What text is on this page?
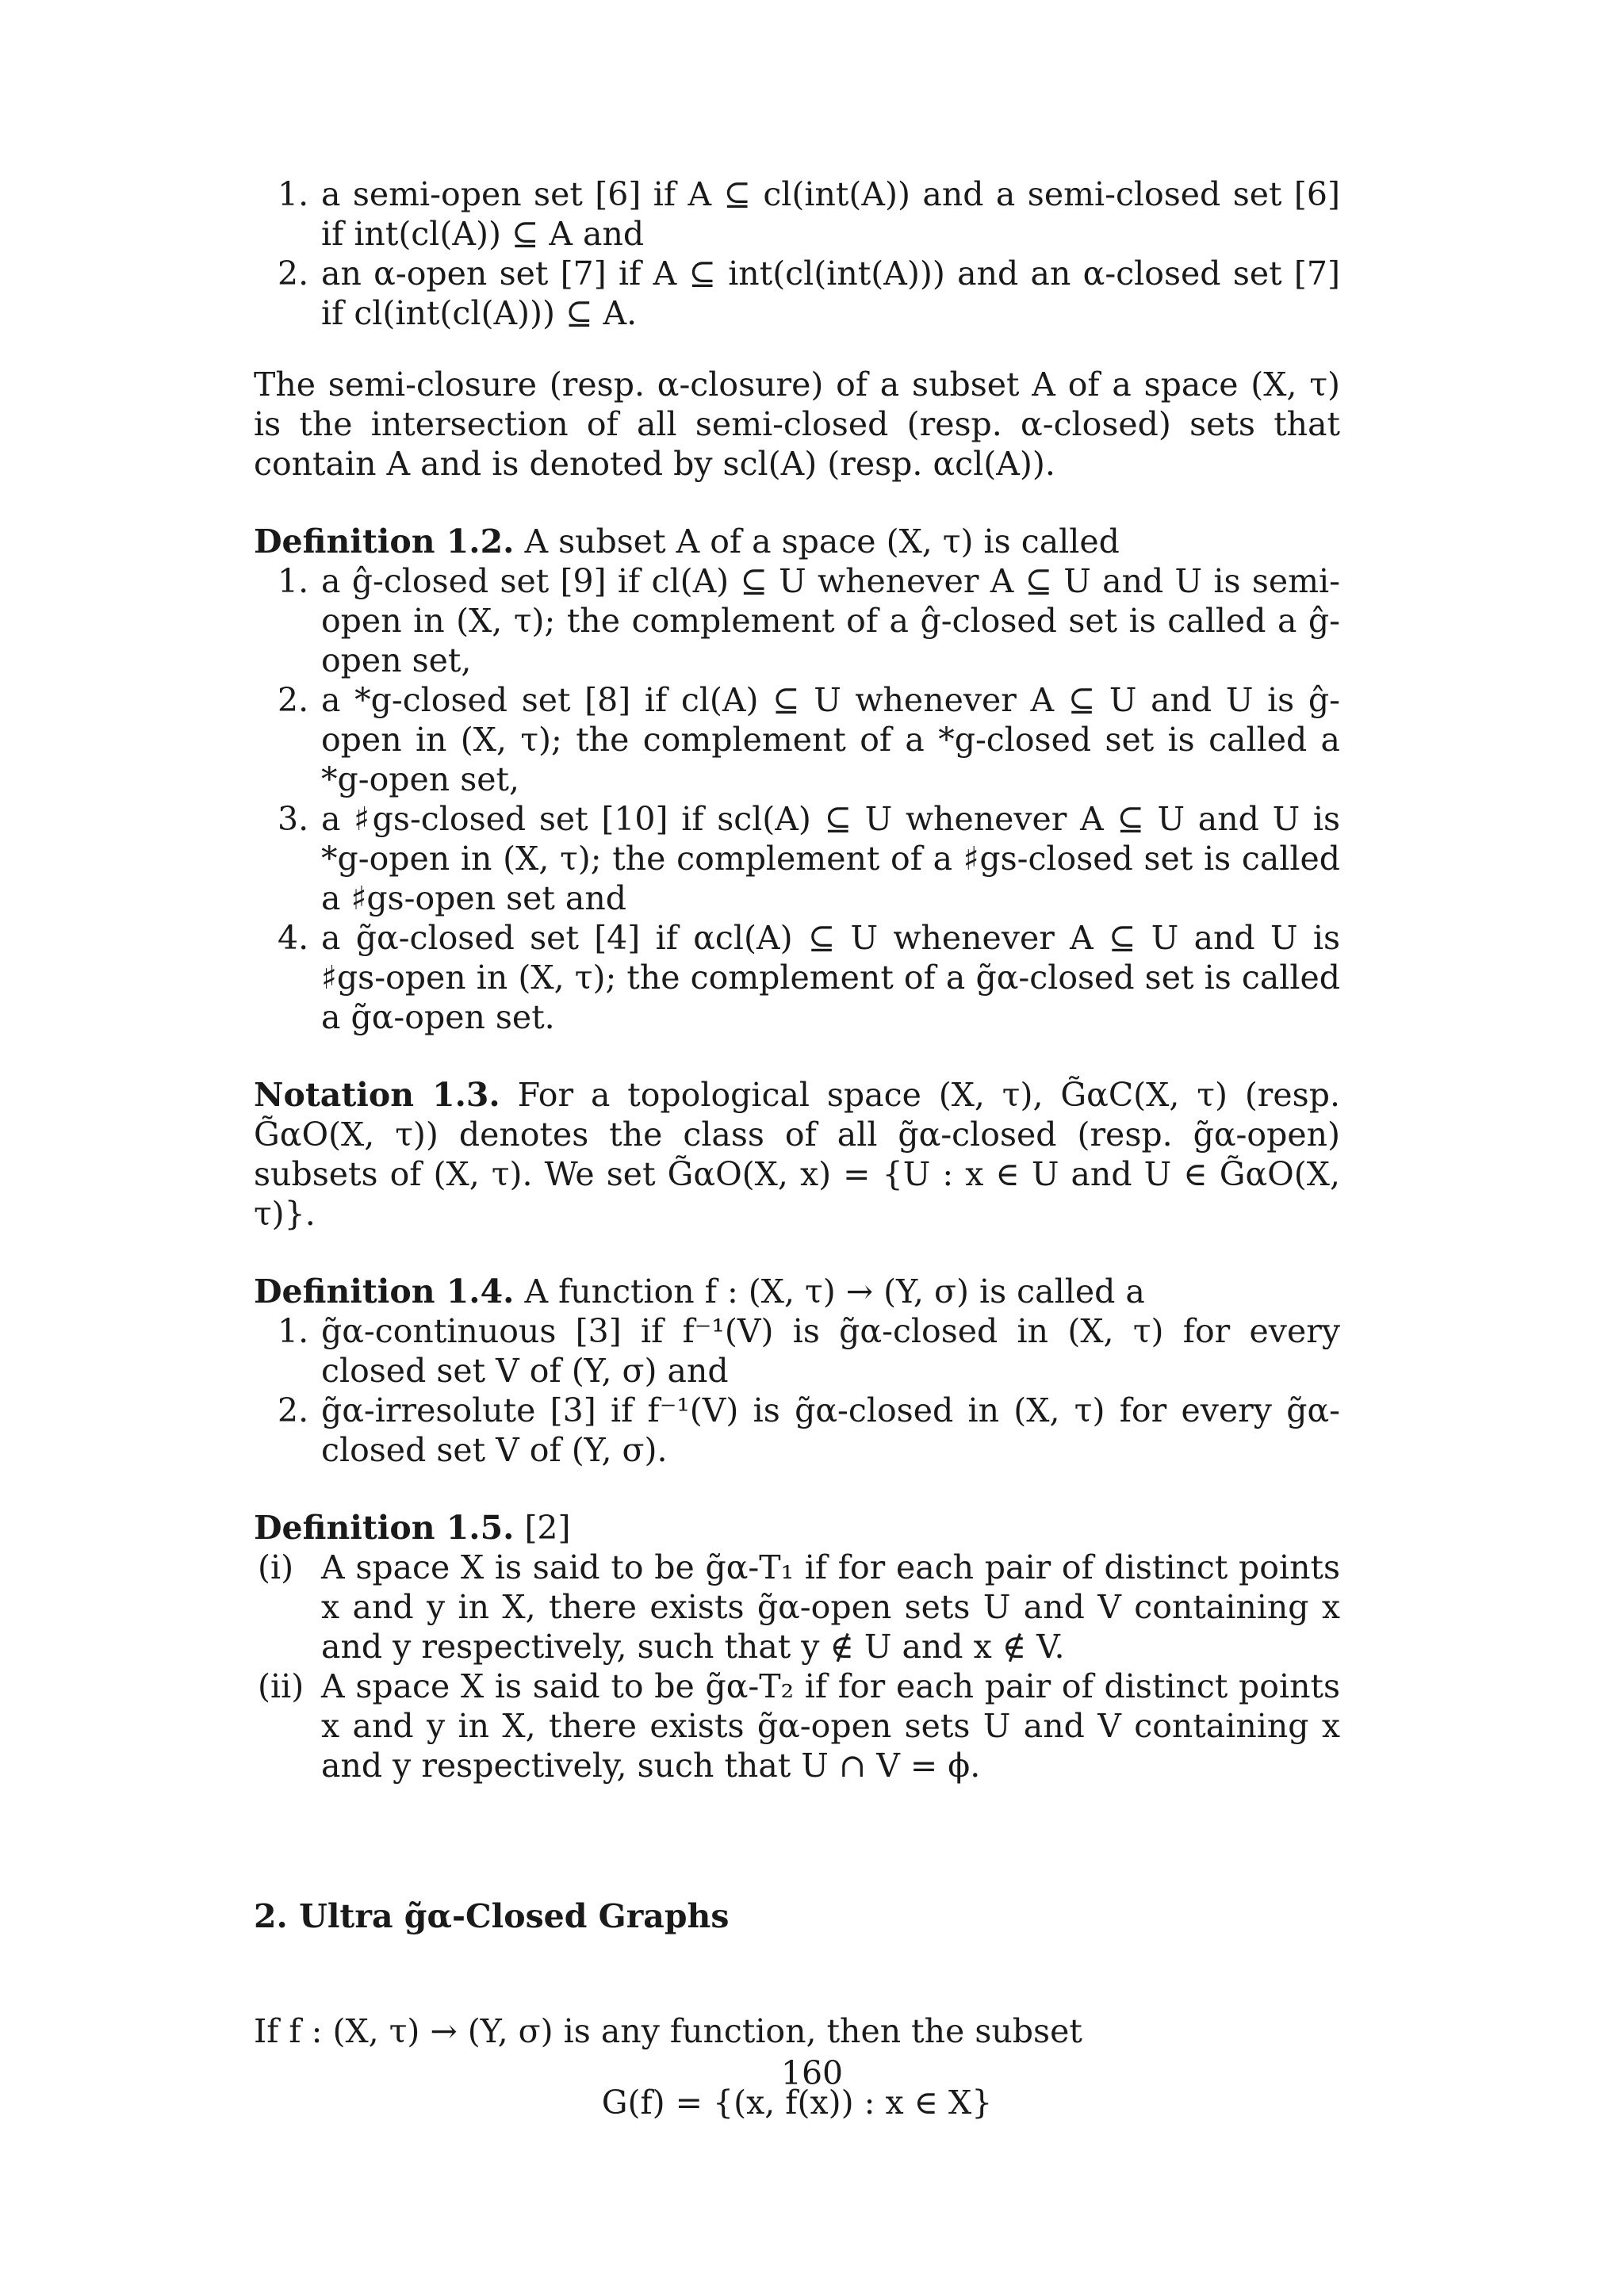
1. a semi-open set [6] if A ⊆ cl(int(A)) and a semi-closed set [6] if int(cl(A)) ⊆ A and
2. an α-open set [7] if A ⊆ int(cl(int(A))) and an α-closed set [7] if cl(int(cl(A))) ⊆ A.

The semi-closure (resp. α-closure) of a subset A of a space (X, τ) is the intersection of all semi-closed (resp. α-closed) sets that contain A and is denoted by scl(A) (resp. αcl(A)).

Definition 1.2. A subset A of a space (X, τ) is called

1. a ĝ-closed set [9] if cl(A) ⊆ U whenever A ⊆ U and U is semi-open in (X, τ); the complement of a ĝ-closed set is called a ĝ-open set,
2. a *g-closed set [8] if cl(A) ⊆ U whenever A ⊆ U and U is ĝ-open in (X, τ); the complement of a *g-closed set is called a *g-open set,
3. a ♯gs-closed set [10] if scl(A) ⊆ U whenever A ⊆ U and U is *g-open in (X, τ); the complement of a ♯gs-closed set is called a ♯gs-open set and
4. a g̃α-closed set [4] if αcl(A) ⊆ U whenever A ⊆ U and U is ♯gs-open in (X, τ); the complement of a g̃α-closed set is called a g̃α-open set.

Notation 1.3. For a topological space (X, τ), G̃αC(X, τ) (resp. G̃αO(X, τ)) denotes the class of all g̃α-closed (resp. g̃α-open) subsets of (X, τ). We set G̃αO(X, x) = {U : x ∈ U and U ∈ G̃αO(X, τ)}.

Definition 1.4. A function f : (X, τ) → (Y, σ) is called a

1. g̃α-continuous [3] if f⁻¹(V) is g̃α-closed in (X, τ) for every closed set V of (Y, σ) and
2. g̃α-irresolute [3] if f⁻¹(V) is g̃α-closed in (X, τ) for every g̃α-closed set V of (Y, σ).

Definition 1.5. [2]

(i) A space X is said to be g̃α-T₁ if for each pair of distinct points x and y in X, there exists g̃α-open sets U and V containing x and y respectively, such that y ∉ U and x ∉ V.
(ii) A space X is said to be g̃α-T₂ if for each pair of distinct points x and y in X, there exists g̃α-open sets U and V containing x and y respectively, such that U ∩ V = ϕ.
2. Ultra g̃α-Closed Graphs

If f : (X, τ) → (Y, σ) is any function, then the subset

G(f) = {(x, f(x)) : x ∈ X}
160
